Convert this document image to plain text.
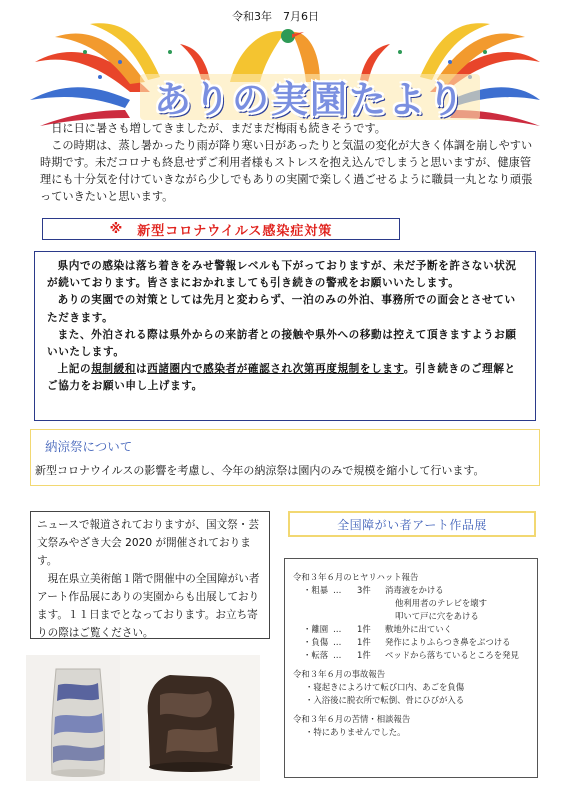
令和3年　7月6日
ありの実園たより

日に日に暑さも増してきましたが、まだまだ梅雨も続きそうです。

この時期は、蒸し暑かったり雨が降り寒い日があったりと気温の変化が大きく体調を崩しやすい時期です。未だコロナも終息せずご利用者様もストレスを抱え込んでしまうと思いますが、健康管理にも十分気を付けていきながら少しでもありの実園で楽しく過ごせるように職員一丸となり頑張っていきたいと思います。

※ 新型コロナウイルス感染症対策

県内での感染は落ち着きをみせ警報レベルも下がっておりますが、未だ予断を許さない状況が続いております。皆さまにおかれましても引き続きの警戒をお願いいたします。

ありの実園での対策としては先月と変わらず、一泊のみの外泊、事務所での面会とさせていただきます。

また、外泊される際は県外からの来訪者との接触や県外への移動は控えて頂きますようお願いいたします。

上記の規制緩和は西諸圏内で感染者が確認され次第再度規制をします。引き続きのご理解とご協力をお願い申し上げます。

納涼祭について
新型コロナウイルスの影響を考慮し、今年の納涼祭は園内のみで規模を縮小して行います。

ニュースで報道されておりますが、国文祭・芸文祭みやざき大会 2020 が開催されております。

現在県立美術館１階で開催中の全国障がい者アート作品展にありの実園からも出展しております。１１日までとなっております。お立ち寄りの際はご覧ください。

全国障がい者アート作品展
令和３年６月のヒヤリハット報告
・粗暴 …	3件	消毒液をかける
他利用者のテレビを壊す
叩いて戸に穴をあける
・離園 …	1件	敷地外に出ていく
・負傷 …	1件	発作によりふらつき鼻をぶつける
・転落 …	1件	ベッドから落ちているところを発見
令和３年６月の事故報告
・寝起きによろけて転び口内、あごを負傷
・入浴後に脱衣所で転倒、骨にひびが入る
令和３年６月の苦情・相談報告
・特にありませんでした。
